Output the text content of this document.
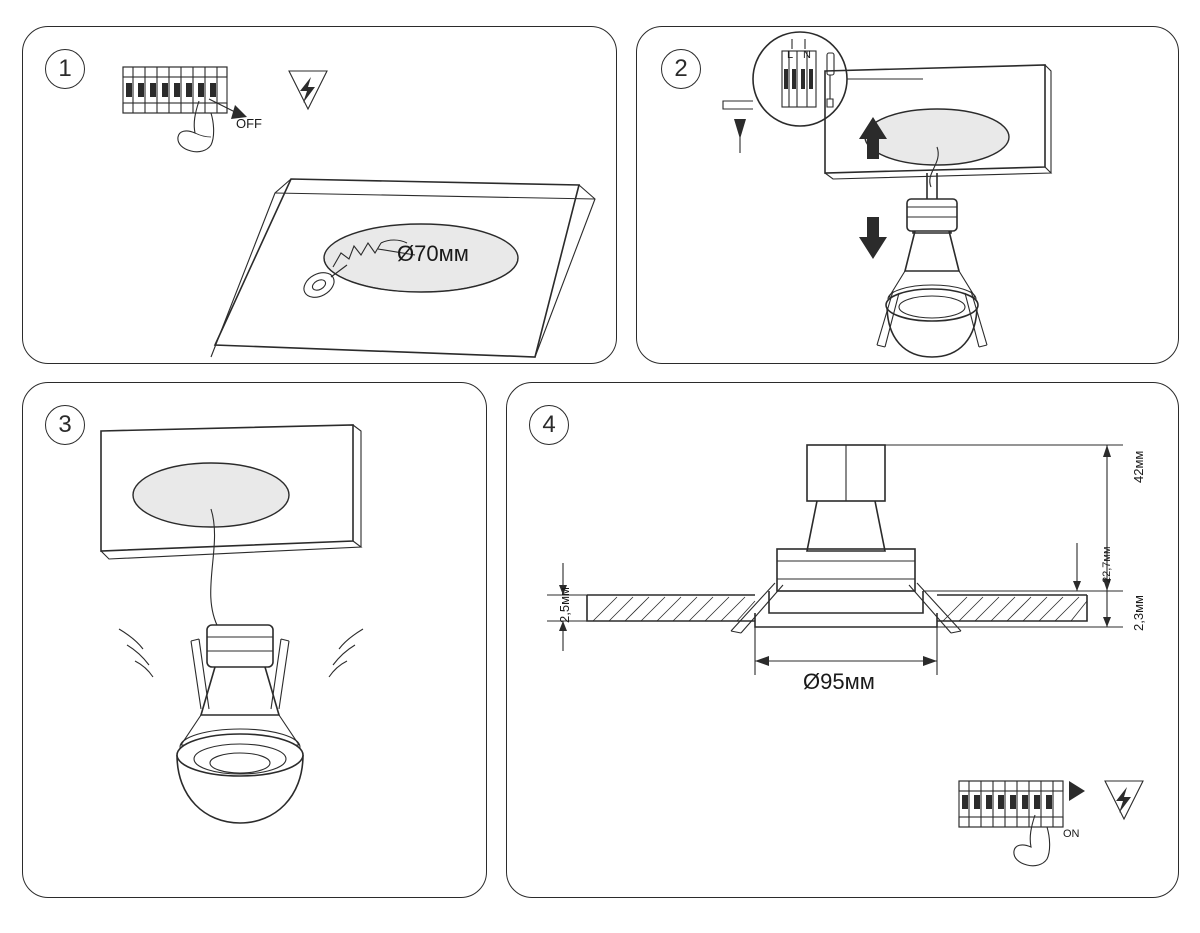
1
OFF
Ø70мм
2	L N
3	4
42мм
22,7мм
2,3мм
2,5мм
Ø95мм
ON
